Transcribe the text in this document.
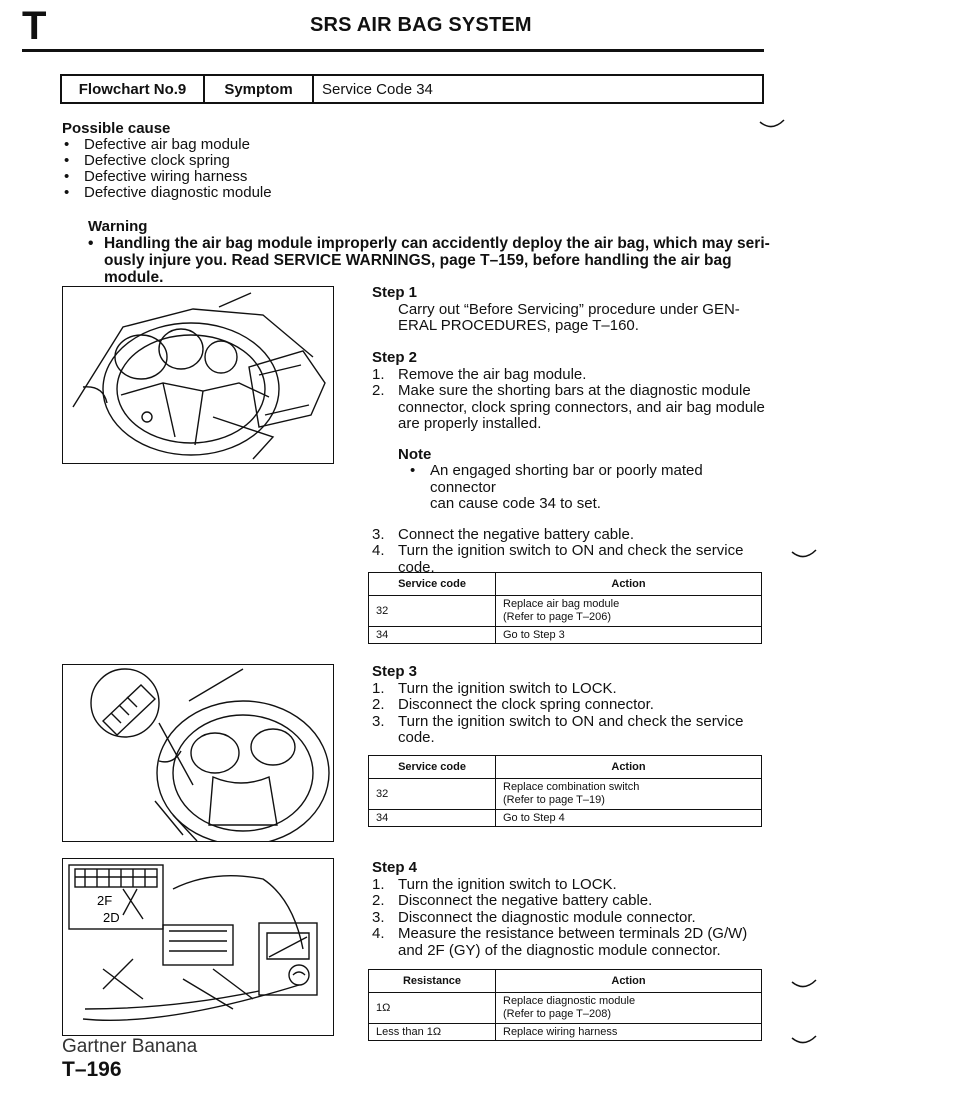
T	SRS AIR BAG SYSTEM
Flowchart No.9	Symptom	Service Code 34
Possible cause
• Defective air bag module
• Defective clock spring
• Defective wiring harness
• Defective diagnostic module
Warning
• Handling the air bag module improperly can accidently deploy the air bag, which may seri-
ously injure you. Read SERVICE WARNINGS, page T–159, before handling the air bag module.
2F
2D

Step 1

Carry out “Before Servicing” procedure under GEN-
ERAL PROCEDURES, page T–160.

Step 2

1. Remove the air bag module.

2. Make sure the shorting bars at the diagnostic module
connector, clock spring connectors, and air bag module
are properly installed.

Note

• An engaged shorting bar or poorly mated connector
can cause code 34 to set.

3. Connect the negative battery cable.

4. Turn the ignition switch to ON and check the service
code.

Service code	Action
32	Replace air bag module
(Refer to page T–206)
34	Go to Step 3

Step 3

1. Turn the ignition switch to LOCK.

2. Disconnect the clock spring connector.

3. Turn the ignition switch to ON and check the service
code.

Service code	Action
32	Replace combination switch
(Refer to page T–19)
34	Go to Step 4

Step 4

1. Turn the ignition switch to LOCK.

2. Disconnect the negative battery cable.

3. Disconnect the diagnostic module connector.

4. Measure the resistance between terminals 2D (G/W)
and 2F (GY) of the diagnostic module connector.

Resistance	Action
1Ω	Replace diagnostic module
(Refer to page T–208)
Less than 1Ω	Replace wiring harness
Gartner Banana
T–196
